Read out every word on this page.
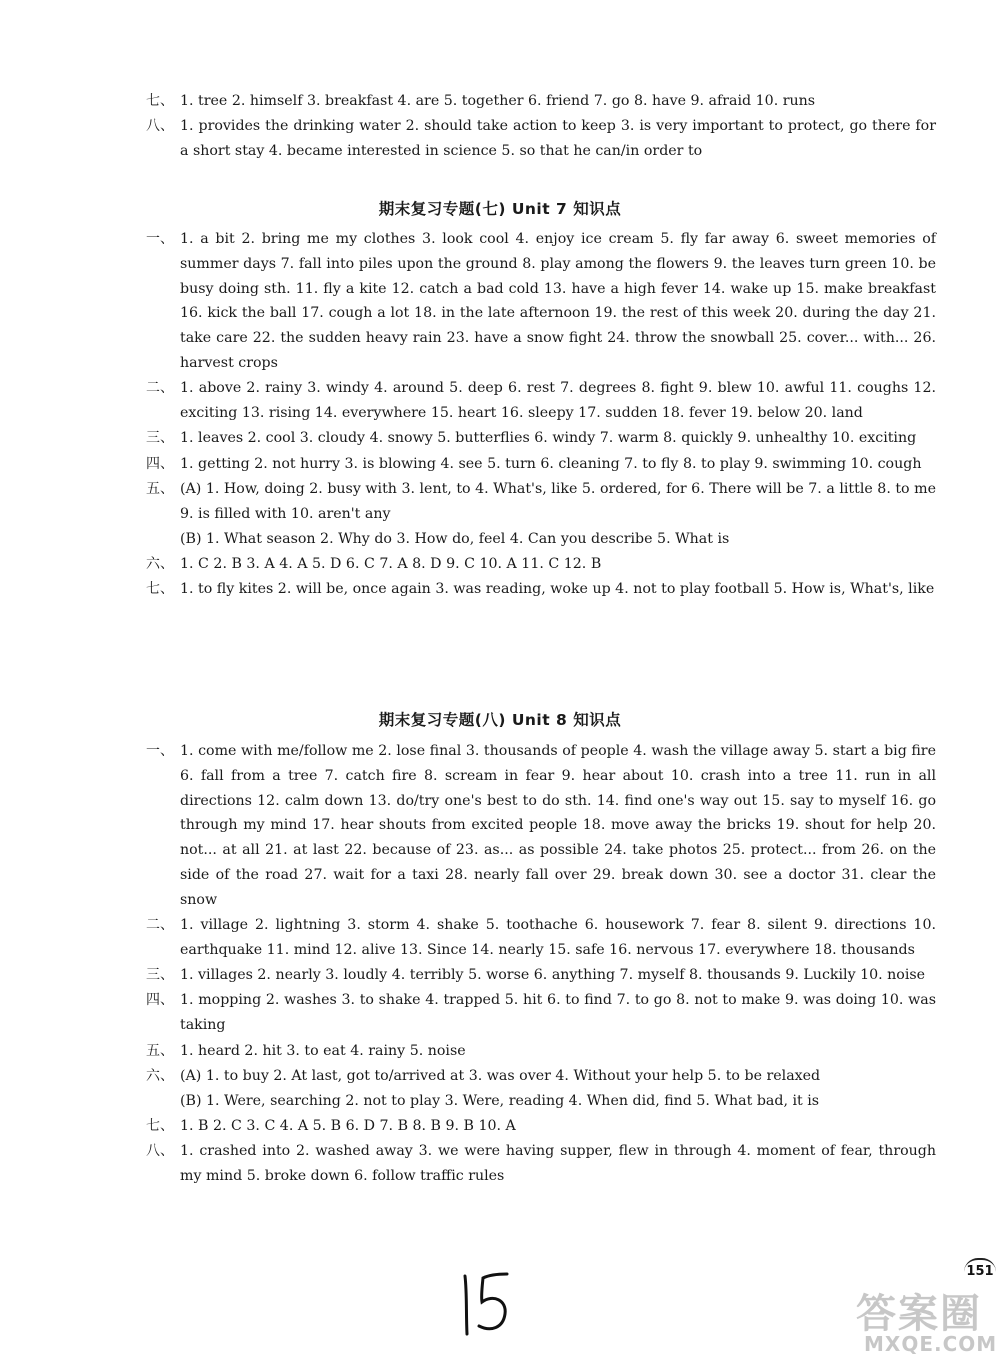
七、 1. tree 2. himself 3. breakfast 4. are 5. together 6. friend 7. go 8. have 9. afraid 10. runs
八、 1. provides the drinking water 2. should take action to keep 3. is very important to protect, go there for a short stay 4. became interested in science 5. so that he can/in order to
期末复习专题(七) Unit 7 知识点
一、 1. a bit 2. bring me my clothes 3. look cool 4. enjoy ice cream 5. fly far away 6. sweet memories of summer days 7. fall into piles upon the ground 8. play among the flowers 9. the leaves turn green 10. be busy doing sth. 11. fly a kite 12. catch a bad cold 13. have a high fever 14. wake up 15. make breakfast 16. kick the ball 17. cough a lot 18. in the late afternoon 19. the rest of this week 20. during the day 21. take care 22. the sudden heavy rain 23. have a snow fight 24. throw the snowball 25. cover... with... 26. harvest crops
二、 1. above 2. rainy 3. windy 4. around 5. deep 6. rest 7. degrees 8. fight 9. blew 10. awful 11. coughs 12. exciting 13. rising 14. everywhere 15. heart 16. sleepy 17. sudden 18. fever 19. below 20. land
三、 1. leaves 2. cool 3. cloudy 4. snowy 5. butterflies 6. windy 7. warm 8. quickly 9. unhealthy 10. exciting
四、 1. getting 2. not hurry 3. is blowing 4. see 5. turn 6. cleaning 7. to fly 8. to play 9. swimming 10. cough
五、 (A) 1. How, doing 2. busy with 3. lent, to 4. What's, like 5. ordered, for 6. There will be 7. a little 8. to me 9. is filled with 10. aren't any
(B) 1. What season 2. Why do 3. How do, feel 4. Can you describe 5. What is
六、 1. C 2. B 3. A 4. A 5. D 6. C 7. A 8. D 9. C 10. A 11. C 12. B
七、 1. to fly kites 2. will be, once again 3. was reading, woke up 4. not to play football 5. How is, What's, like
期末复习专题(八) Unit 8 知识点
一、 1. come with me/follow me 2. lose final 3. thousands of people 4. wash the village away 5. start a big fire 6. fall from a tree 7. catch fire 8. scream in fear 9. hear about 10. crash into a tree 11. run in all directions 12. calm down 13. do/try one's best to do sth. 14. find one's way out 15. say to myself 16. go through my mind 17. hear shouts from excited people 18. move away the bricks 19. shout for help 20. not... at all 21. at last 22. because of 23. as... as possible 24. take photos 25. protect... from 26. on the side of the road 27. wait for a taxi 28. nearly fall over 29. break down 30. see a doctor 31. clear the snow
二、 1. village 2. lightning 3. storm 4. shake 5. toothache 6. housework 7. fear 8. silent 9. directions 10. earthquake 11. mind 12. alive 13. Since 14. nearly 15. safe 16. nervous 17. everywhere 18. thousands
三、 1. villages 2. nearly 3. loudly 4. terribly 5. worse 6. anything 7. myself 8. thousands 9. Luckily 10. noise
四、 1. mopping 2. washes 3. to shake 4. trapped 5. hit 6. to find 7. to go 8. not to make 9. was doing 10. was taking
五、 1. heard 2. hit 3. to eat 4. rainy 5. noise
六、 (A) 1. to buy 2. At last, got to/arrived at 3. was over 4. Without your help 5. to be relaxed
(B) 1. Were, searching 2. not to play 3. Were, reading 4. When did, find 5. What bad, it is
七、 1. B 2. C 3. C 4. A 5. B 6. D 7. B 8. B 9. B 10. A
八、 1. crashed into 2. washed away 3. we were having supper, flew in through 4. moment of fear, through my mind 5. broke down 6. follow traffic rules
151
答案圈
MXQE.COM
